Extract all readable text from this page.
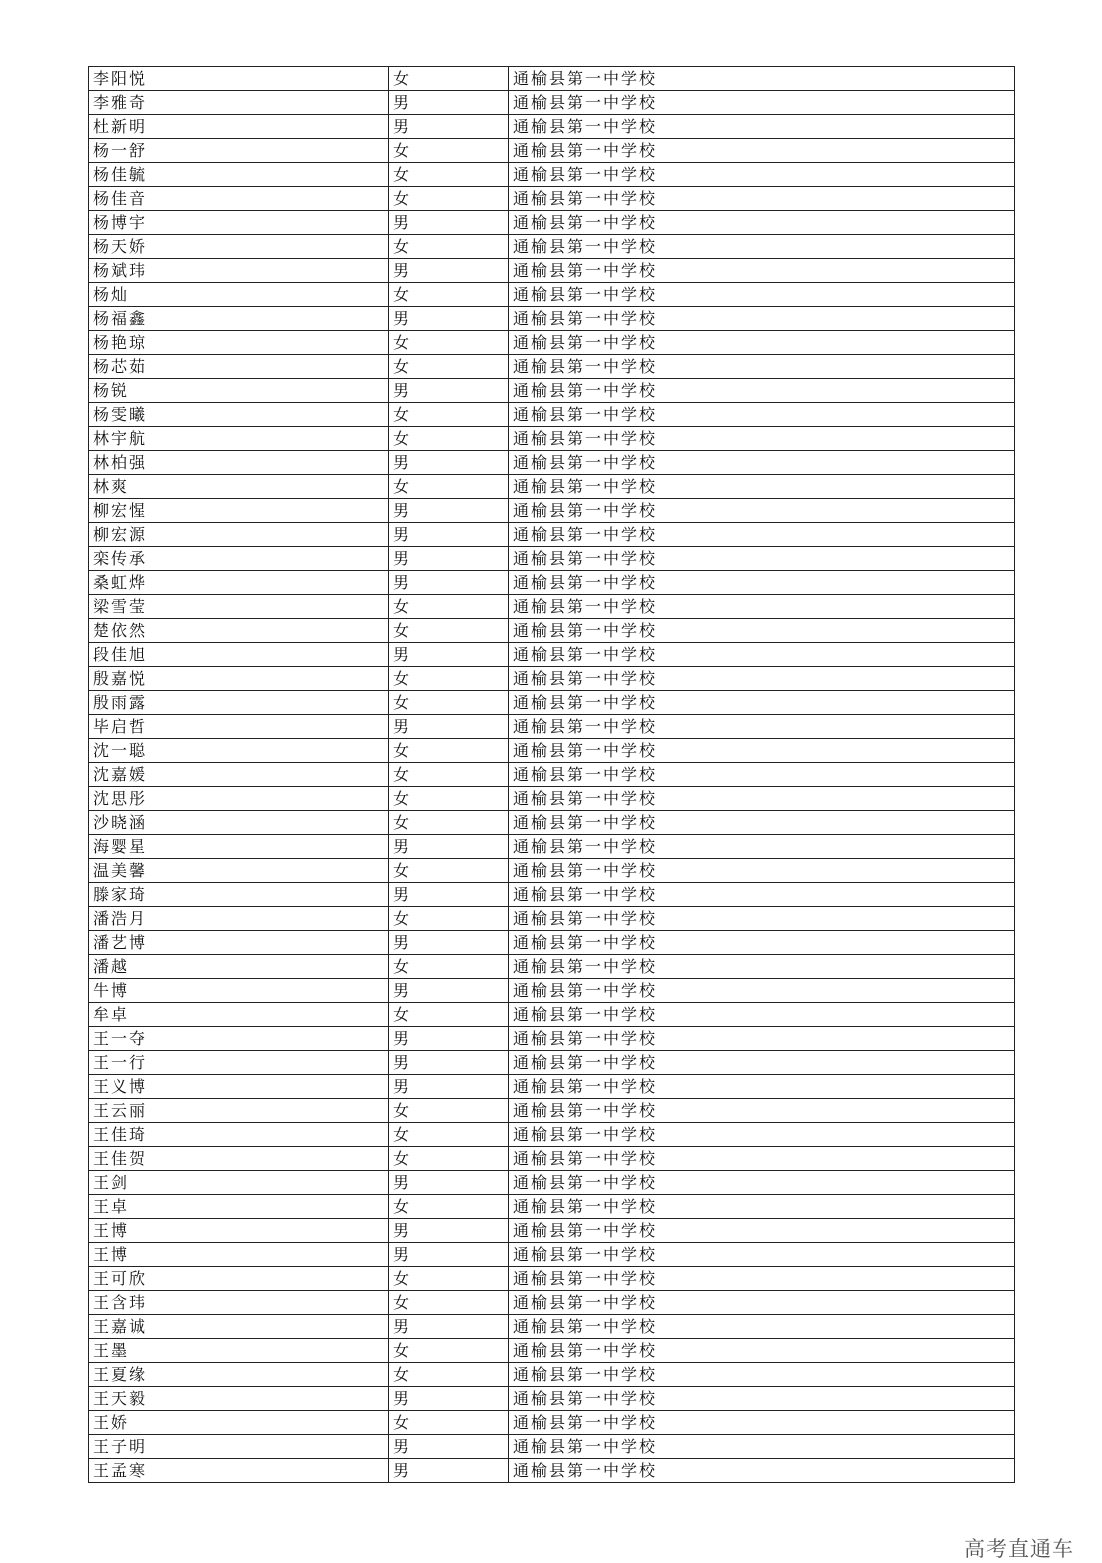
李阳悦	女	通榆县第一中学校
李雅奇	男	通榆县第一中学校
杜新明	男	通榆县第一中学校
杨一舒	女	通榆县第一中学校
杨佳毓	女	通榆县第一中学校
杨佳音	女	通榆县第一中学校
杨博宇	男	通榆县第一中学校
杨天娇	女	通榆县第一中学校
杨斌玮	男	通榆县第一中学校
杨灿	女	通榆县第一中学校
杨福鑫	男	通榆县第一中学校
杨艳琼	女	通榆县第一中学校
杨芯茹	女	通榆县第一中学校
杨锐	男	通榆县第一中学校
杨雯曦	女	通榆县第一中学校
林宇航	女	通榆县第一中学校
林柏强	男	通榆县第一中学校
林爽	女	通榆县第一中学校
柳宏惺	男	通榆县第一中学校
柳宏源	男	通榆县第一中学校
栾传承	男	通榆县第一中学校
桑虹烨	男	通榆县第一中学校
梁雪莹	女	通榆县第一中学校
楚依然	女	通榆县第一中学校
段佳旭	男	通榆县第一中学校
殷嘉悦	女	通榆县第一中学校
殷雨露	女	通榆县第一中学校
毕启哲	男	通榆县第一中学校
沈一聪	女	通榆县第一中学校
沈嘉媛	女	通榆县第一中学校
沈思彤	女	通榆县第一中学校
沙晓涵	女	通榆县第一中学校
海婴星	男	通榆县第一中学校
温美馨	女	通榆县第一中学校
滕家琦	男	通榆县第一中学校
潘浩月	女	通榆县第一中学校
潘艺博	男	通榆县第一中学校
潘越	女	通榆县第一中学校
牛博	男	通榆县第一中学校
牟卓	女	通榆县第一中学校
王一夺	男	通榆县第一中学校
王一行	男	通榆县第一中学校
王义博	男	通榆县第一中学校
王云丽	女	通榆县第一中学校
王佳琦	女	通榆县第一中学校
王佳贺	女	通榆县第一中学校
王剑	男	通榆县第一中学校
王卓	女	通榆县第一中学校
王博	男	通榆县第一中学校
王博	男	通榆县第一中学校
王可欣	女	通榆县第一中学校
王含玮	女	通榆县第一中学校
王嘉诚	男	通榆县第一中学校
王墨	女	通榆县第一中学校
王夏缘	女	通榆县第一中学校
王天毅	男	通榆县第一中学校
王娇	女	通榆县第一中学校
王子明	男	通榆县第一中学校
王孟寒	男	通榆县第一中学校
高考直通车
